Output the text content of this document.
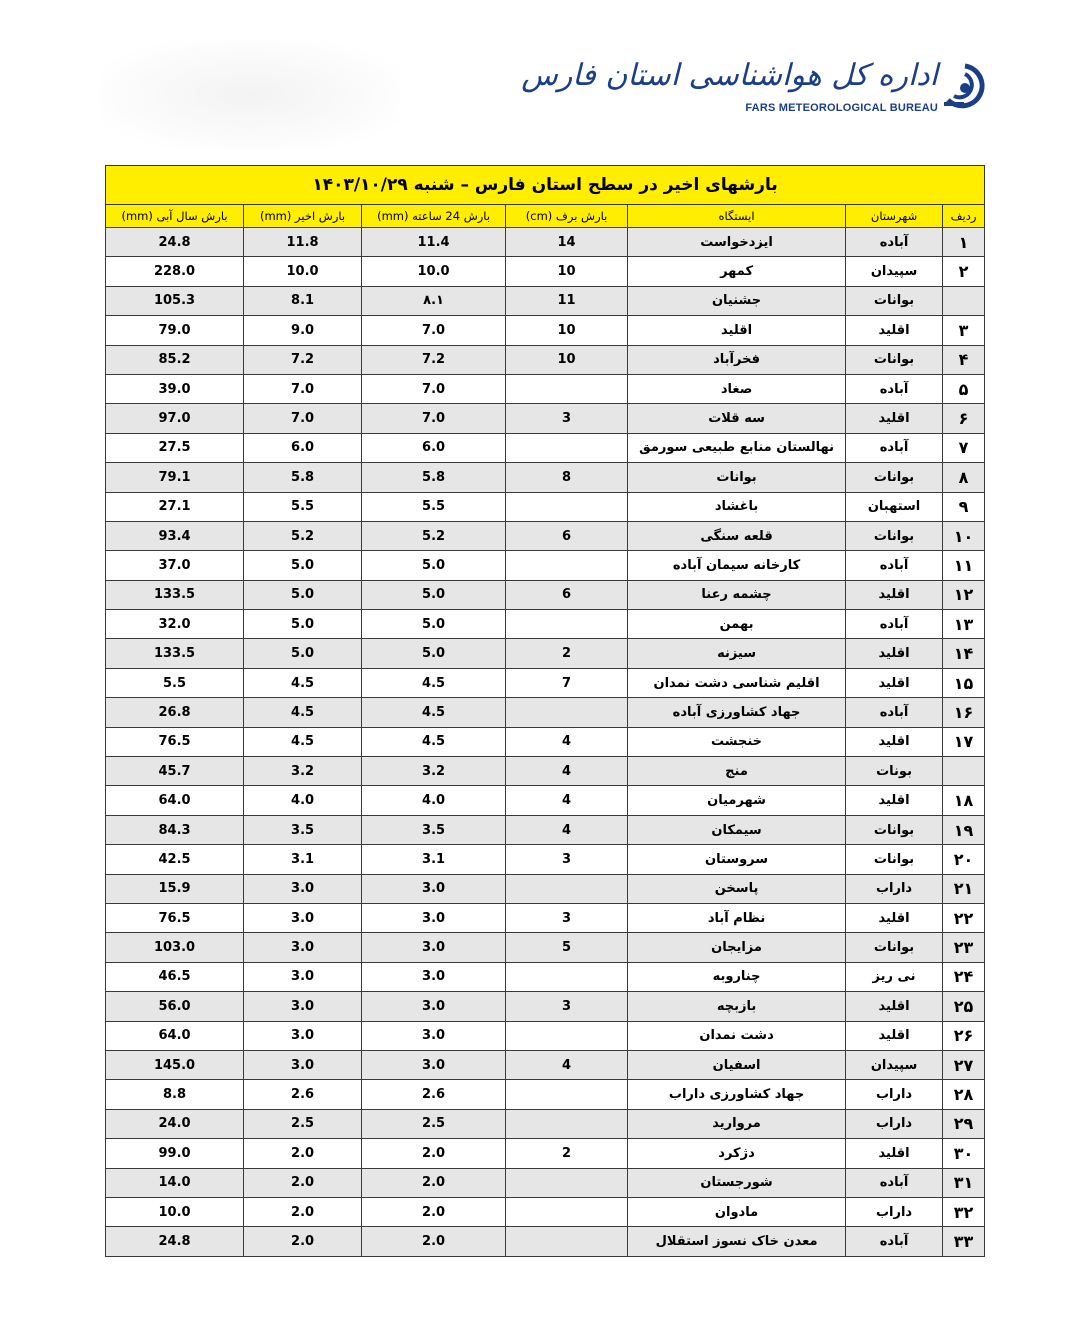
اداره کل هواشناسی استان فارس
FARS METEOROLOGICAL BUREAU
بارشهای اخیر در سطح استان فارس – شنبه ۱۴۰۳/۱۰/۲۹						
ردیف	شهرستان	ایستگاه	بارش برف (cm)	بارش 24 ساعته (mm)	بارش اخیر (mm)	بارش سال آبی (mm)
۱	آباده	ایزدخواست	14	11.4	11.8	24.8
۲	سپیدان	کمهر	10	10.0	10.0	228.0
	بوانات	جشنیان	11	۸.۱	8.1	105.3
۳	اقلید	اقلید	10	7.0	9.0	79.0
۴	بوانات	فخرآباد	10	7.2	7.2	85.2
۵	آباده	صغاد		7.0	7.0	39.0
۶	اقلید	سه قلات	3	7.0	7.0	97.0
۷	آباده	نهالستان منابع طبیعی سورمق		6.0	6.0	27.5
۸	بوانات	بوانات	8	5.8	5.8	79.1
۹	استهبان	باغشاد		5.5	5.5	27.1
۱۰	بوانات	قلعه سنگی	6	5.2	5.2	93.4
۱۱	آباده	کارخانه سیمان آباده		5.0	5.0	37.0
۱۲	اقلید	چشمه رعنا	6	5.0	5.0	133.5
۱۳	آباده	بهمن		5.0	5.0	32.0
۱۴	اقلید	سیزنه	2	5.0	5.0	133.5
۱۵	اقلید	اقلیم شناسی دشت نمدان	7	4.5	4.5	5.5
۱۶	آباده	جهاد کشاورزی آباده		4.5	4.5	26.8
۱۷	اقلید	خنجشت	4	4.5	4.5	76.5
	بونات	منج	4	3.2	3.2	45.7
۱۸	اقلید	شهرمیان	4	4.0	4.0	64.0
۱۹	بوانات	سیمکان	4	3.5	3.5	84.3
۲۰	بوانات	سروستان	3	3.1	3.1	42.5
۲۱	داراب	پاسخن		3.0	3.0	15.9
۲۲	اقلید	نظام آباد	3	3.0	3.0	76.5
۲۳	بوانات	مزایجان	5	3.0	3.0	103.0
۲۴	نی ریز	چناروبه		3.0	3.0	46.5
۲۵	اقلید	بازبچه	3	3.0	3.0	56.0
۲۶	اقلید	دشت نمدان		3.0	3.0	64.0
۲۷	سپیدان	اسفیان	4	3.0	3.0	145.0
۲۸	داراب	جهاد کشاورزی داراب		2.6	2.6	8.8
۲۹	داراب	مروارید		2.5	2.5	24.0
۳۰	اقلید	دژکرد	2	2.0	2.0	99.0
۳۱	آباده	شورجستان		2.0	2.0	14.0
۳۲	داراب	مادوان		2.0	2.0	10.0
۳۳	آباده	معدن خاک نسوز استقلال		2.0	2.0	24.8
